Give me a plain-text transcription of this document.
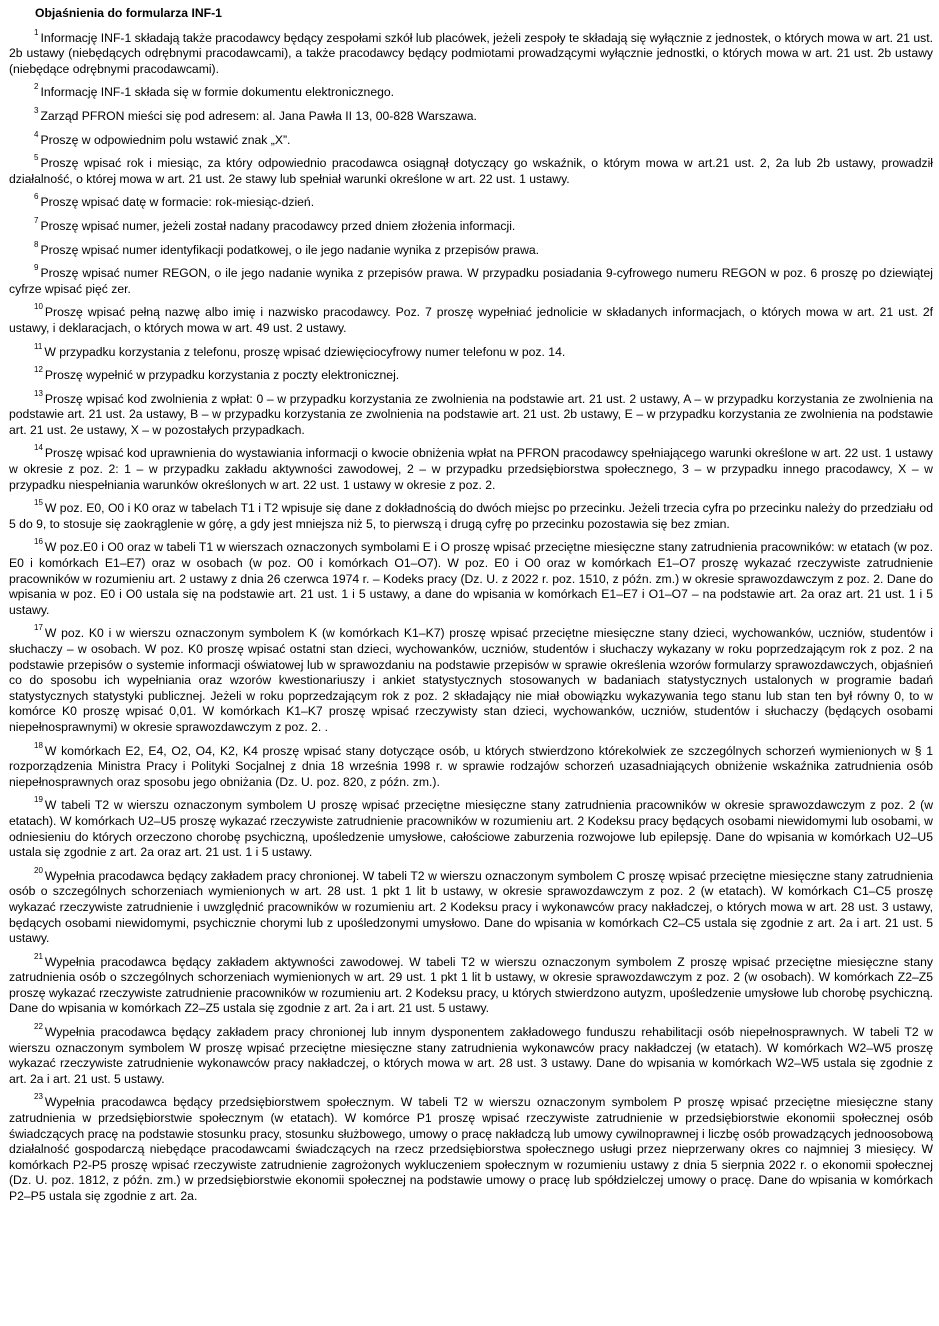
Objaśnienia do formularza INF-1
$^1$ Informację INF-1 składają także pracodawcy będący zespołami szkół lub placówek, jeżeli zespoły te składają się wyłącznie z jednostek, o których mowa w art. 21 ust. 2b ustawy (niebędących odrębnymi pracodawcami), a także pracodawcy będący podmiotami prowadzącymi wyłącznie jednostki, o których mowa w art. 21 ust. 2b ustawy (niebędące odrębnymi pracodawcami).
$^2$ Informację INF-1 składa się w formie dokumentu elektronicznego.
$^3$ Zarząd PFRON mieści się pod adresem: al. Jana Pawła II 13, 00-828 Warszawa.
$^4$ Proszę w odpowiednim polu wstawić znak „X”.
$^5$ Proszę wpisać rok i miesiąc, za który odpowiednio pracodawca osiągnął dotyczący go wskaźnik, o którym mowa w art.21 ust. 2, 2a lub 2b ustawy, prowadził działalność, o której mowa w art. 21 ust. 2e stawy lub spełniał warunki określone w art. 22 ust. 1 ustawy.
$^6$ Proszę wpisać datę w formacie: rok-miesiąc-dzień.
$^7$ Proszę wpisać numer, jeżeli został nadany pracodawcy przed dniem złożenia informacji.
$^8$ Proszę wpisać numer identyfikacji podatkowej, o ile jego nadanie wynika z przepisów prawa.
$^9$ Proszę wpisać numer REGON, o ile jego nadanie wynika z przepisów prawa. W przypadku posiadania 9-cyfrowego numeru REGON w poz. 6 proszę po dziewiątej cyfrze wpisać pięć zer.
$^{10}$ Proszę wpisać pełną nazwę albo imię i nazwisko pracodawcy. Poz. 7 proszę wypełniać jednolicie w składanych informacjach, o których mowa w art. 21 ust. 2f ustawy, i deklaracjach, o których mowa w art. 49 ust. 2 ustawy.
$^{11}$ W przypadku korzystania z telefonu, proszę wpisać dziewięciocyfrowy numer telefonu w poz. 14.
$^{12}$ Proszę wypełnić w przypadku korzystania z poczty elektronicznej.
$^{13}$ Proszę wpisać kod zwolnienia z wpłat: 0 – w przypadku korzystania ze zwolnienia na podstawie art. 21 ust. 2 ustawy, A – w przypadku korzystania ze zwolnienia na podstawie art. 21 ust. 2a ustawy, B – w przypadku korzystania ze zwolnienia na podstawie art. 21 ust. 2b ustawy, E – w przypadku korzystania ze zwolnienia na podstawie art. 21 ust. 2e ustawy, X – w pozostałych przypadkach.
$^{14}$ Proszę wpisać kod uprawnienia do wystawiania informacji o kwocie obniżenia wpłat na PFRON pracodawcy spełniającego warunki określone w art. 22 ust. 1 ustawy w okresie z poz. 2: 1 – w przypadku zakładu aktywności zawodowej, 2 – w przypadku przedsiębiorstwa społecznego, 3 – w przypadku innego pracodawcy, X – w przypadku niespełniania warunków określonych w art. 22 ust. 1 ustawy w okresie z poz. 2.
$^{15}$ W poz. E0, O0 i K0 oraz w tabelach T1 i T2 wpisuje się dane z dokładnością do dwóch miejsc po przecinku. Jeżeli trzecia cyfra po przecinku należy do przedziału od 5 do 9, to stosuje się zaokrąglenie w górę, a gdy jest mniejsza niż 5, to pierwszą i drugą cyfrę po przecinku pozostawia się bez zmian.
$^{16}$ W poz.E0 i O0 oraz w tabeli T1 w wierszach oznaczonych symbolami E i O proszę wpisać przeciętne miesięczne stany zatrudnienia pracowników: w etatach (w poz. E0 i komórkach E1–E7) oraz w osobach (w poz. O0 i komórkach O1–O7). W poz. E0 i O0 oraz w komórkach E1–O7 proszę wykazać rzeczywiste zatrudnienie pracowników w rozumieniu art. 2 ustawy z dnia 26 czerwca 1974 r. – Kodeks pracy (Dz. U. z 2022 r. poz. 1510, z późn. zm.) w okresie sprawozdawczym z poz. 2. Dane do wpisania w poz. E0 i O0 ustala się na podstawie art. 21 ust. 1 i 5 ustawy, a dane do wpisania w komórkach E1–E7 i O1–O7 – na podstawie art. 2a oraz art. 21 ust. 1 i 5 ustawy.
$^{17}$ W poz. K0 i w wierszu oznaczonym symbolem K (w komórkach K1–K7) proszę wpisać przeciętne miesięczne stany dzieci, wychowanków, uczniów, studentów i słuchaczy – w osobach. W poz. K0 proszę wpisać ostatni stan dzieci, wychowanków, uczniów, studentów i słuchaczy wykazany w roku poprzedzającym rok z poz. 2 na podstawie przepisów o systemie informacji oświatowej lub w sprawozdaniu na podstawie przepisów w sprawie określenia wzorów formularzy sprawozdawczych, objaśnień co do sposobu ich wypełniania oraz wzorów kwestionariuszy i ankiet statystycznych stosowanych w badaniach statystycznych ustalonych w programie badań statystycznych statystyki publicznej. Jeżeli w roku poprzedzającym rok z poz. 2 składający nie miał obowiązku wykazywania tego stanu lub stan ten był równy 0, to w komórce K0 proszę wpisać 0,01. W komórkach K1–K7 proszę wpisać rzeczywisty stan dzieci, wychowanków, uczniów, studentów i słuchaczy (będących osobami niepełnosprawnymi) w okresie sprawozdawczym z poz. 2. .
$^{18}$ W komórkach E2, E4, O2, O4, K2, K4 proszę wpisać stany dotyczące osób, u których stwierdzono którekolwiek ze szczególnych schorzeń wymienionych w § 1 rozporządzenia Ministra Pracy i Polityki Socjalnej z dnia 18 września 1998 r. w sprawie rodzajów schorzeń uzasadniających obniżenie wskaźnika zatrudnienia osób niepełnosprawnych oraz sposobu jego obniżania (Dz. U. poz. 820, z późn. zm.).
$^{19}$ W tabeli T2 w wierszu oznaczonym symbolem U proszę wpisać przeciętne miesięczne stany zatrudnienia pracowników w okresie sprawozdawczym z poz. 2 (w etatach). W komórkach U2–U5 proszę wykazać rzeczywiste zatrudnienie pracowników w rozumieniu art. 2 Kodeksu pracy będących osobami niewidomymi lub osobami, w odniesieniu do których orzeczono chorobę psychiczną, upośledzenie umysłowe, całościowe zaburzenia rozwojowe lub epilepsję. Dane do wpisania w komórkach U2–U5 ustala się zgodnie z art. 2a oraz art. 21 ust. 1 i 5 ustawy.
$^{20}$ Wypełnia pracodawca będący zakładem pracy chronionej. W tabeli T2 w wierszu oznaczonym symbolem C proszę wpisać przeciętne miesięczne stany zatrudnienia osób o szczególnych schorzeniach wymienionych w art. 28 ust. 1 pkt 1 lit b ustawy, w okresie sprawozdawczym z poz. 2 (w etatach). W komórkach C1–C5 proszę wykazać rzeczywiste zatrudnienie i uwzględnić pracowników w rozumieniu art. 2 Kodeksu pracy i wykonawców pracy nakładczej, o których mowa w art. 28 ust. 3 ustawy, będących osobami niewidomymi, psychicznie chorymi lub z upośledzonymi umysłowo. Dane do wpisania w komórkach C2–C5 ustala się zgodnie z art. 2a i art. 21 ust. 5 ustawy.
$^{21}$ Wypełnia pracodawca będący zakładem aktywności zawodowej. W tabeli T2 w wierszu oznaczonym symbolem Z proszę wpisać przeciętne miesięczne stany zatrudnienia osób o szczególnych schorzeniach wymienionych w art. 29 ust. 1 pkt 1 lit b ustawy, w okresie sprawozdawczym z poz. 2 (w osobach). W komórkach Z2–Z5 proszę wykazać rzeczywiste zatrudnienie pracowników w rozumieniu art. 2 Kodeksu pracy, u których stwierdzono autyzm, upośledzenie umysłowe lub chorobę psychiczną. Dane do wpisania w komórkach Z2–Z5 ustala się zgodnie z art. 2a i art. 21 ust. 5 ustawy.
$^{22}$ Wypełnia pracodawca będący zakładem pracy chronionej lub innym dysponentem zakładowego funduszu rehabilitacji osób niepełnosprawnych. W tabeli T2 w wierszu oznaczonym symbolem W proszę wpisać przeciętne miesięczne stany zatrudnienia wykonawców pracy nakładczej (w etatach). W komórkach W2–W5 proszę wykazać rzeczywiste zatrudnienie wykonawców pracy nakładczej, o których mowa w art. 28 ust. 3 ustawy. Dane do wpisania w komórkach W2–W5 ustala się zgodnie z art. 2a i art. 21 ust. 5 ustawy.
$^{23}$ Wypełnia pracodawca będący przedsiębiorstwem społecznym. W tabeli T2 w wierszu oznaczonym symbolem P proszę wpisać przeciętne miesięczne stany zatrudnienia w przedsiębiorstwie społecznym (w etatach). W komórce P1 proszę wpisać rzeczywiste zatrudnienie w przedsiębiorstwie ekonomii społecznej osób świadczących pracę na podstawie stosunku pracy, stosunku służbowego, umowy o pracę nakładczą lub umowy cywilnoprawnej i liczbę osób prowadzących jednoosobową działalność gospodarczą niebędące pracodawcami świadczących na rzecz przedsiębiorstwa społecznego usługi przez nieprzerwany okres co najmniej 3 miesięcy. W komórkach P2-P5 proszę wpisać rzeczywiste zatrudnienie zagrożonych wykluczeniem społecznym w rozumieniu ustawy z dnia 5 sierpnia 2022 r. o ekonomii społecznej (Dz. U. poz. 1812, z późn. zm.) w przedsiębiorstwie ekonomii społecznej na podstawie umowy o pracę lub spółdzielczej umowy o pracę. Dane do wpisania w komórkach P2–P5 ustala się zgodnie z art. 2a.
